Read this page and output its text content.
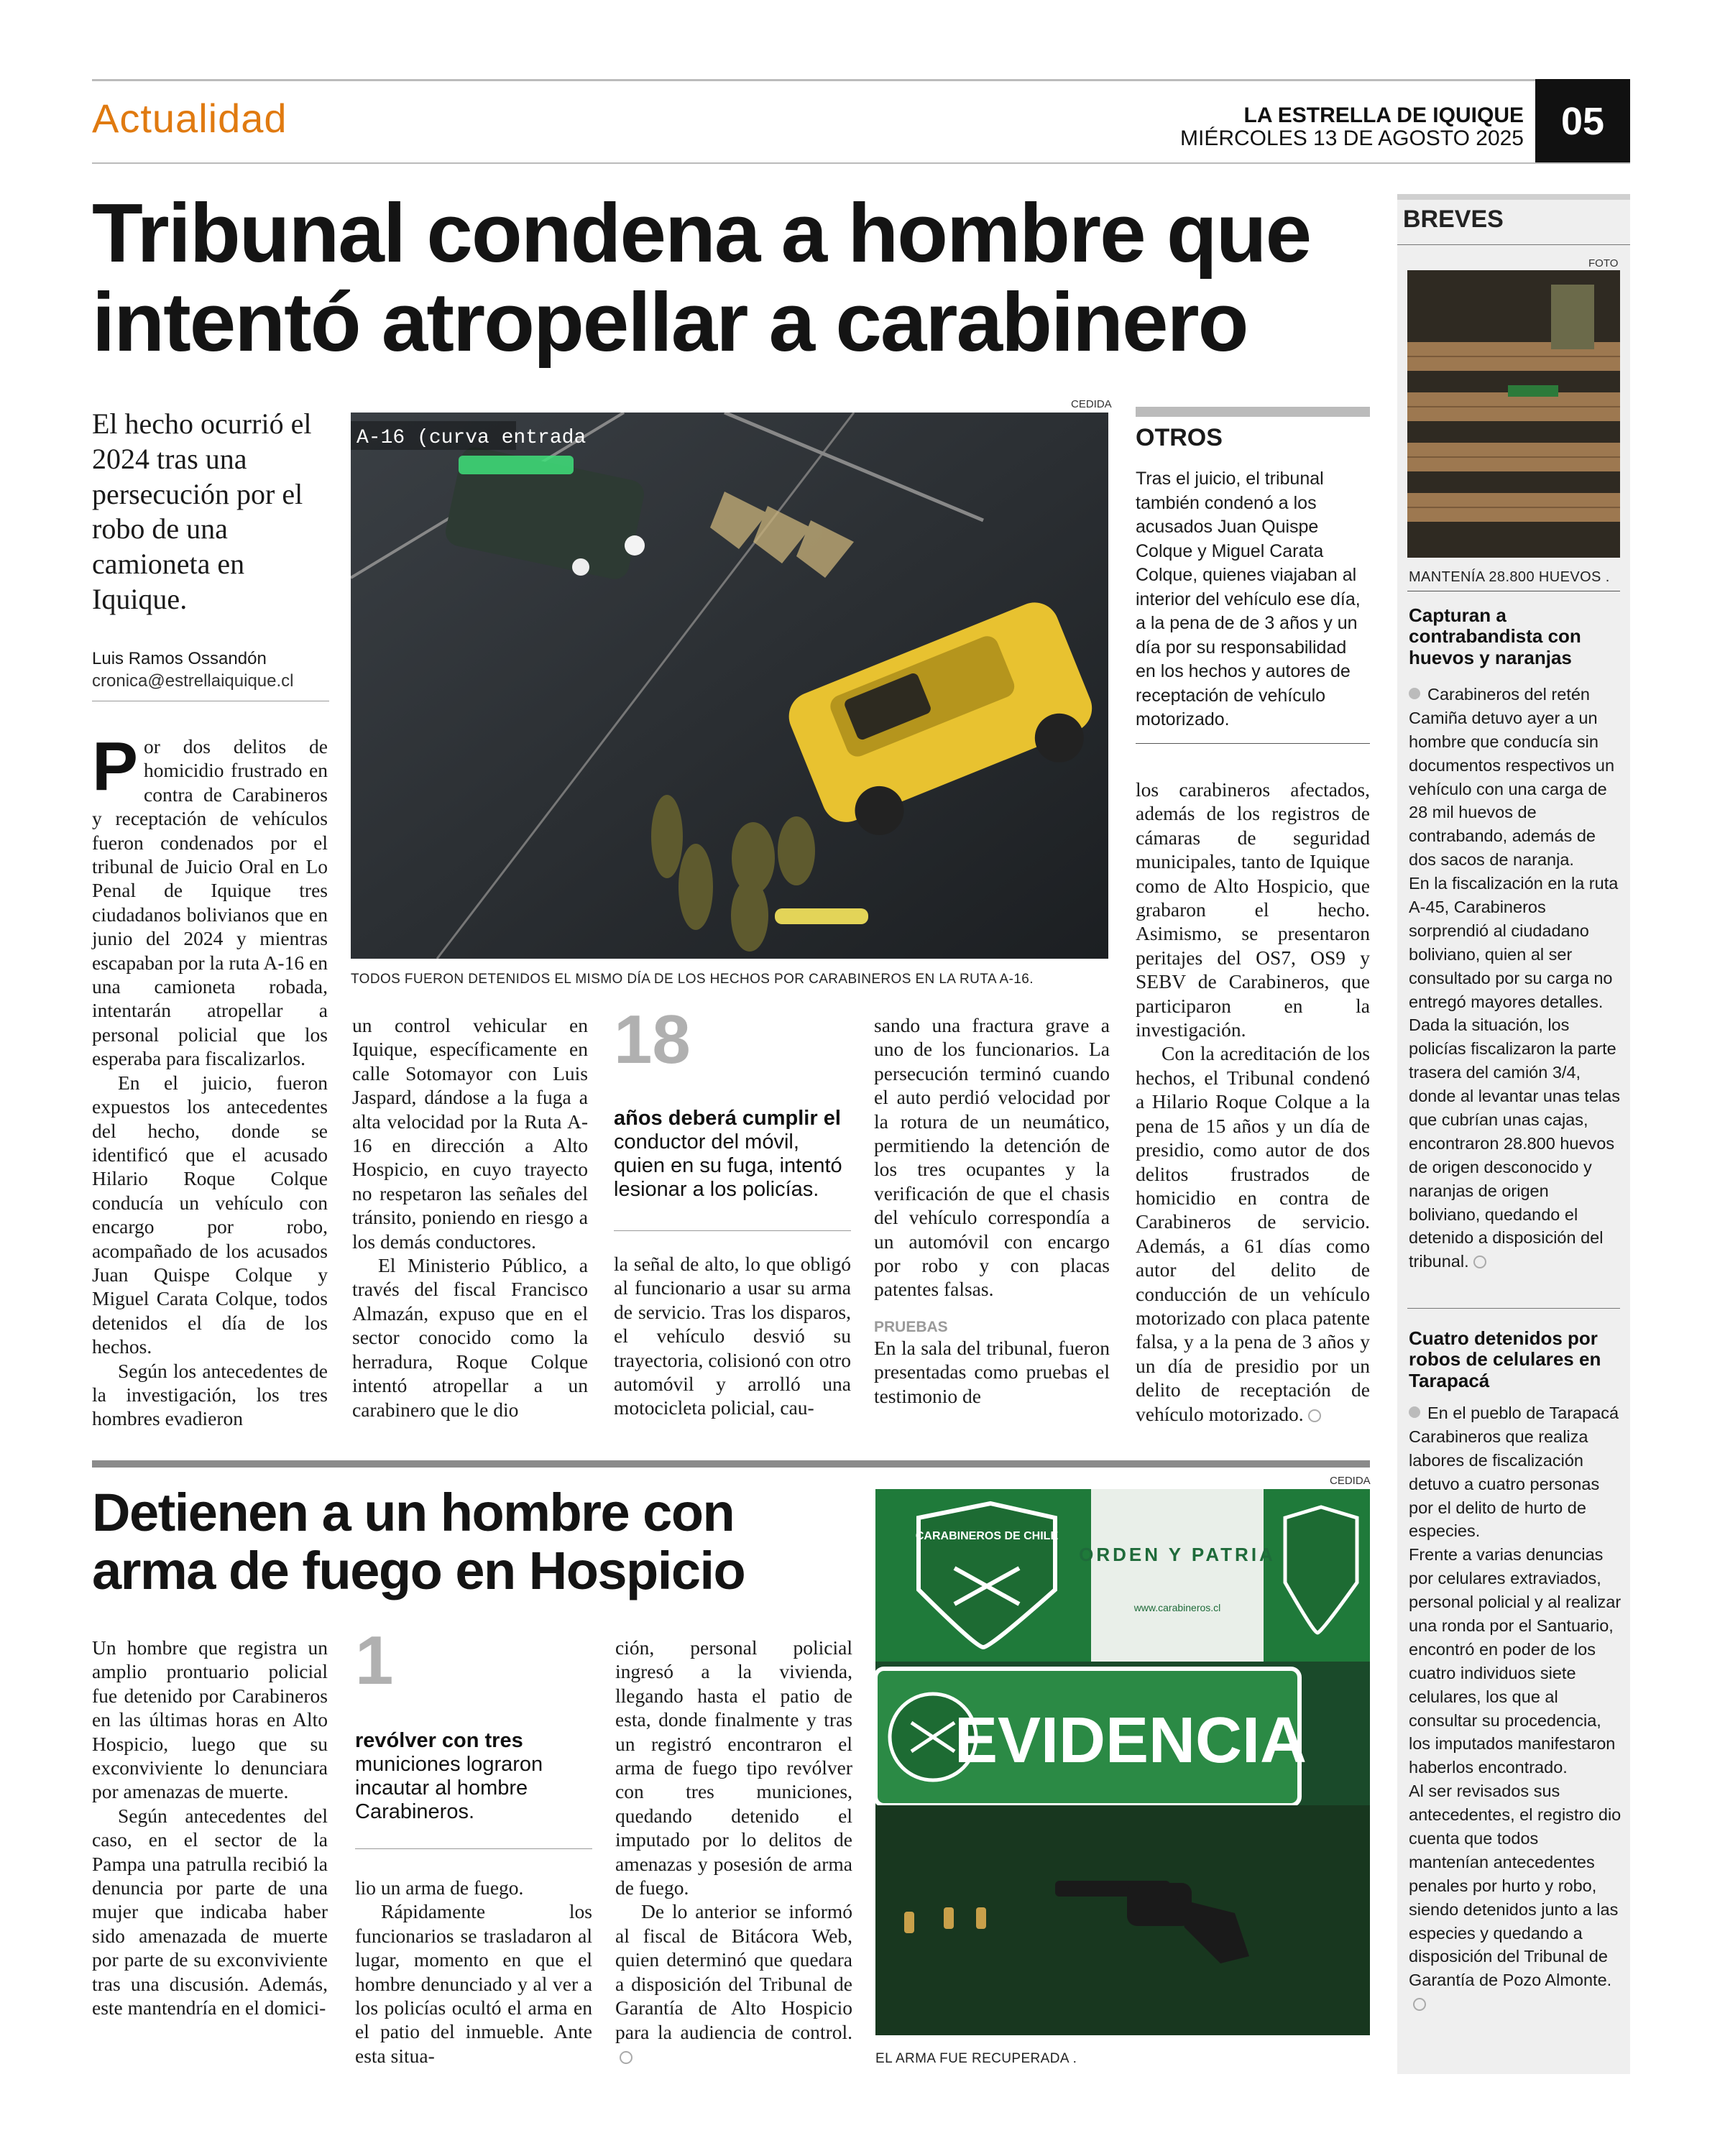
Actualidad	LA ESTRELLA DE IQUIQUE
MIÉRCOLES 13 DE AGOSTO 2025 05
Tribunal condena a hombre que intentó atropellar a carabinero
El hecho ocurrió el 2024 tras una persecución por el robo de una camioneta en Iquique.
Luis Ramos Ossandón
cronica@estrellaiquique.cl
CEDIDA
A-16 (curva entrada
TODOS FUERON DETENIDOS EL MISMO DÍA DE LOS HECHOS POR CARABINEROS EN LA RUTA A-16.

Por dos delitos de homicidio frustrado en contra de Carabineros y receptación de vehículos fueron condenados por el tribunal de Juicio Oral en Lo Penal de Iquique tres ciudadanos bolivianos que en junio del 2024 y mientras escapaban por la ruta A-16 en una camioneta robada, intentarán atropellar a personal policial que los esperaba para fiscalizarlos.

En el juicio, fueron expuestos los antecedentes del hecho, donde se identificó que el acusado Hilario Roque Colque conducía un vehículo con encargo por robo, acompañado de los acusados Juan Quispe Colque y Miguel Carata Colque, todos detenidos el día de los hechos.

Según los antecedentes de la investigación, los tres hombres evadieron

un control vehicular en Iquique, específicamente en calle Sotomayor con Luis Jaspard, dándose a la fuga a alta velocidad por la Ruta A-16 en dirección a Alto Hospicio, en cuyo trayecto no respetaron las señales del tránsito, poniendo en riesgo a los demás conductores.

El Ministerio Público, a través del fiscal Francisco Almazán, expuso que en el sector conocido como la herradura, Roque Colque intentó atropellar a un carabinero que le dio

18
años deberá cumplir el conductor del móvil, quien en su fuga, intentó lesionar a los policías.

la señal de alto, lo que obligó al funcionario a usar su arma de servicio. Tras los disparos, el vehículo desvió su trayectoria, colisionó con otro automóvil y arrolló una motocicleta policial, cau-

sando una fractura grave a uno de los funcionarios. La persecución terminó cuando el auto perdió velocidad por la rotura de un neumático, permitiendo la detención de los tres ocupantes y la verificación de que el chasis del vehículo correspondía a un automóvil con encargo por robo y con placas patentes falsas.

PRUEBAS

En la sala del tribunal, fueron presentadas como pruebas el testimonio de

OTROS
Tras el juicio, el tribunal también condenó a los acusados Juan Quispe Colque y Miguel Carata Colque, quienes viajaban al interior del vehículo ese día, a la pena de de 3 años y un día por su responsabilidad en los hechos y autores de receptación de vehículo motorizado.

los carabineros afectados, además de los registros de cámaras de seguridad municipales, tanto de Iquique como de Alto Hospicio, que grabaron el hecho. Asimismo, se presentaron peritajes del OS7, OS9 y SEBV de Carabineros, que participaron en la investigación.

Con la acreditación de los hechos, el Tribunal condenó a Hilario Roque Colque a la pena de 15 años y un día de presidio, como autor de dos delitos frustrados de homicidio en contra de Carabineros de servicio. Además, a 61 días como autor del delito de conducción de un vehículo motorizado con placa patente falsa, y a la pena de 3 años y un día de presidio por un delito de receptación de vehículo motorizado.

Detienen a un hombre con arma de fuego en Hospicio

Un hombre que registra un amplio prontuario policial fue detenido por Carabineros en las últimas horas en Alto Hospicio, luego que su exconviviente lo denunciara por amenazas de muerte.

Según antecedentes del caso, en el sector de la Pampa una patrulla recibió la denuncia por parte de una mujer que indicaba haber sido amenazada de muerte por parte de su exconviviente tras una discusión. Además, este mantendría en el domici-

1
revólver con tres municiones lograron incautar al hombre Carabineros.

lio un arma de fuego.

Rápidamente los funcionarios se trasladaron al lugar, momento en que el hombre denunciado y al ver a los policías ocultó el arma en el patio del inmueble. Ante esta situa-

ción, personal policial ingresó a la vivienda, llegando hasta el patio de esta, donde finalmente y tras un registró encontraron el arma de fuego tipo revólver con tres municiones, quedando detenido el imputado por lo delitos de amenazas y posesión de arma de fuego.

De lo anterior se informó al fiscal de Bitácora Web, quien determinó que quedara a disposición del Tribunal de Garantía de Alto Hospicio para la audiencia de control.

CEDIDA
CARABINEROS DE CHILE
ORDEN Y PATRIA
www.carabineros.cl
EVIDENCIA
EL ARMA FUE RECUPERADA .
BREVES
FOTO
MANTENÍA 28.800 HUEVOS .
Capturan a contrabandista con huevos y naranjas
Carabineros del retén Camiña detuvo ayer a un hombre que conducía sin documentos respectivos un vehículo con una carga de 28 mil huevos de contrabando, además de dos sacos de naranja.
En la fiscalización en la ruta A-45, Carabineros sorprendió al ciudadano boliviano, quien al ser consultado por su carga no entregó mayores detalles. Dada la situación, los policías fiscalizaron la parte trasera del camión 3/4, donde al levantar unas telas que cubrían unas cajas, encontraron 28.800 huevos de origen desconocido y naranjas de origen boliviano, quedando el detenido a disposición del tribunal.
Cuatro detenidos por robos de celulares en Tarapacá
En el pueblo de Tarapacá Carabineros que realiza labores de fiscalización detuvo a cuatro personas por el delito de hurto de especies.
Frente a varias denuncias por celulares extraviados, personal policial y al realizar una ronda por el Santuario, encontró en poder de los cuatro individuos siete celulares, los que al consultar su procedencia, los imputados manifestaron haberlos encontrado.
Al ser revisados sus antecedentes, el registro dio cuenta que todos mantenían antecedentes penales por hurto y robo, siendo detenidos junto a las especies y quedando a disposición del Tribunal de Garantía de Pozo Almonte.
